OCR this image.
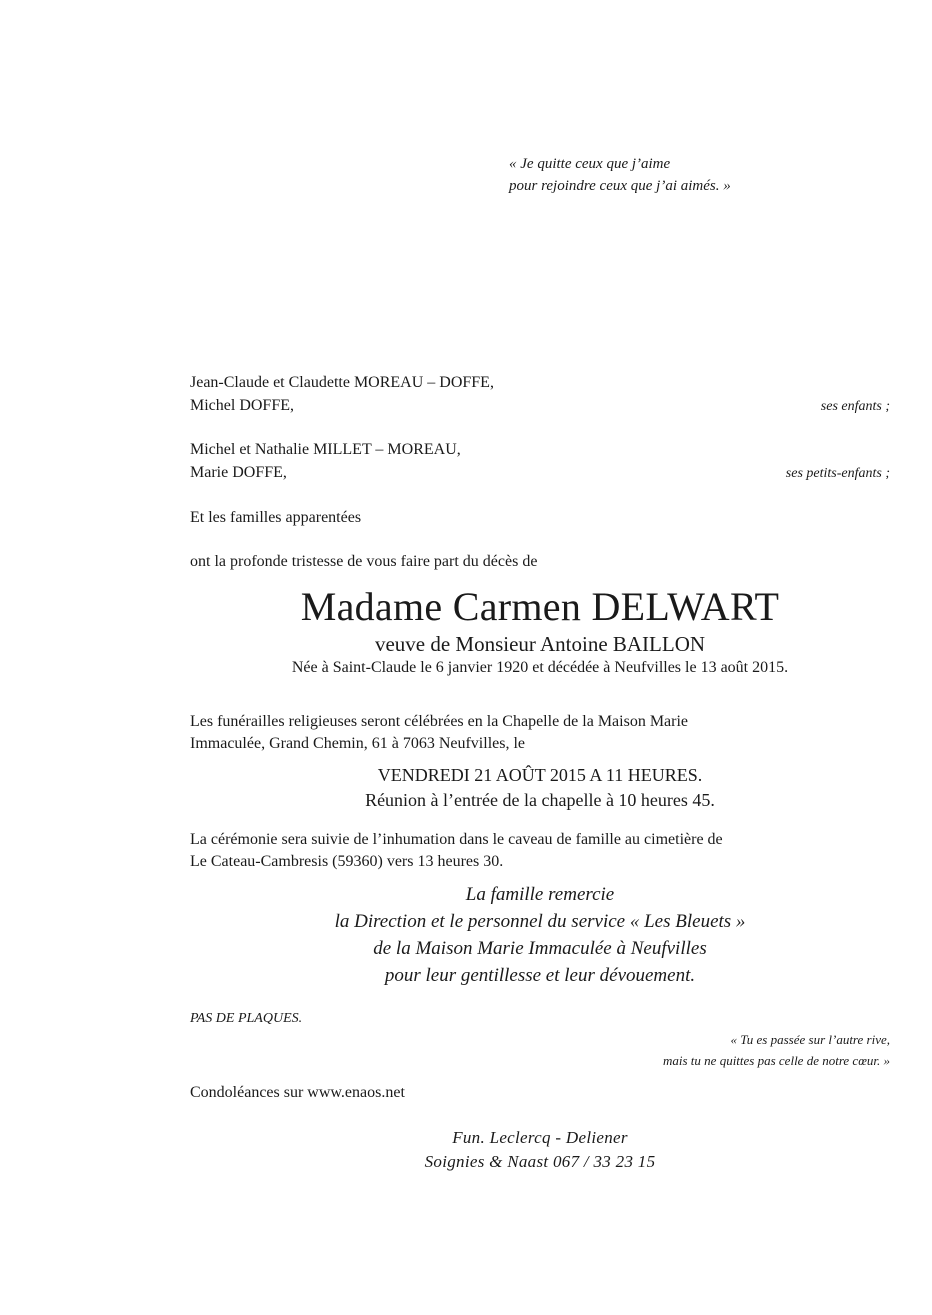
« Je quitte ceux que j’aime
pour rejoindre ceux que j’ai aimés. »
Jean-Claude et Claudette MOREAU – DOFFE,
Michel DOFFE,	ses enfants ;
Michel et Nathalie MILLET – MOREAU,
Marie DOFFE,	ses petits-enfants ;
Et les familles apparentées
ont la profonde tristesse de vous faire part du décès de
Madame Carmen DELWART
veuve de Monsieur Antoine BAILLON
Née à Saint-Claude le 6 janvier 1920 et décédée à Neufvilles le 13 août 2015.
Les funérailles religieuses seront célébrées en la Chapelle de la Maison Marie
Immaculée, Grand Chemin, 61 à 7063 Neufvilles, le
VENDREDI 21 AOÛT 2015 A 11 HEURES.
Réunion à l’entrée de la chapelle à 10 heures 45.
La cérémonie sera suivie de l’inhumation dans le caveau de famille au cimetière de
Le Cateau-Cambresis (59360) vers 13 heures 30.
La famille remercie
la Direction et le personnel du service « Les Bleuets »
de la Maison Marie Immaculée à Neufvilles
pour leur gentillesse et leur dévouement.
PAS DE PLAQUES.
« Tu es passée sur l’autre rive,
mais tu ne quittes pas celle de notre cœur. »
Condoléances sur www.enaos.net
Fun. Leclercq - Deliener
Soignies & Naast 067 / 33 23 15
